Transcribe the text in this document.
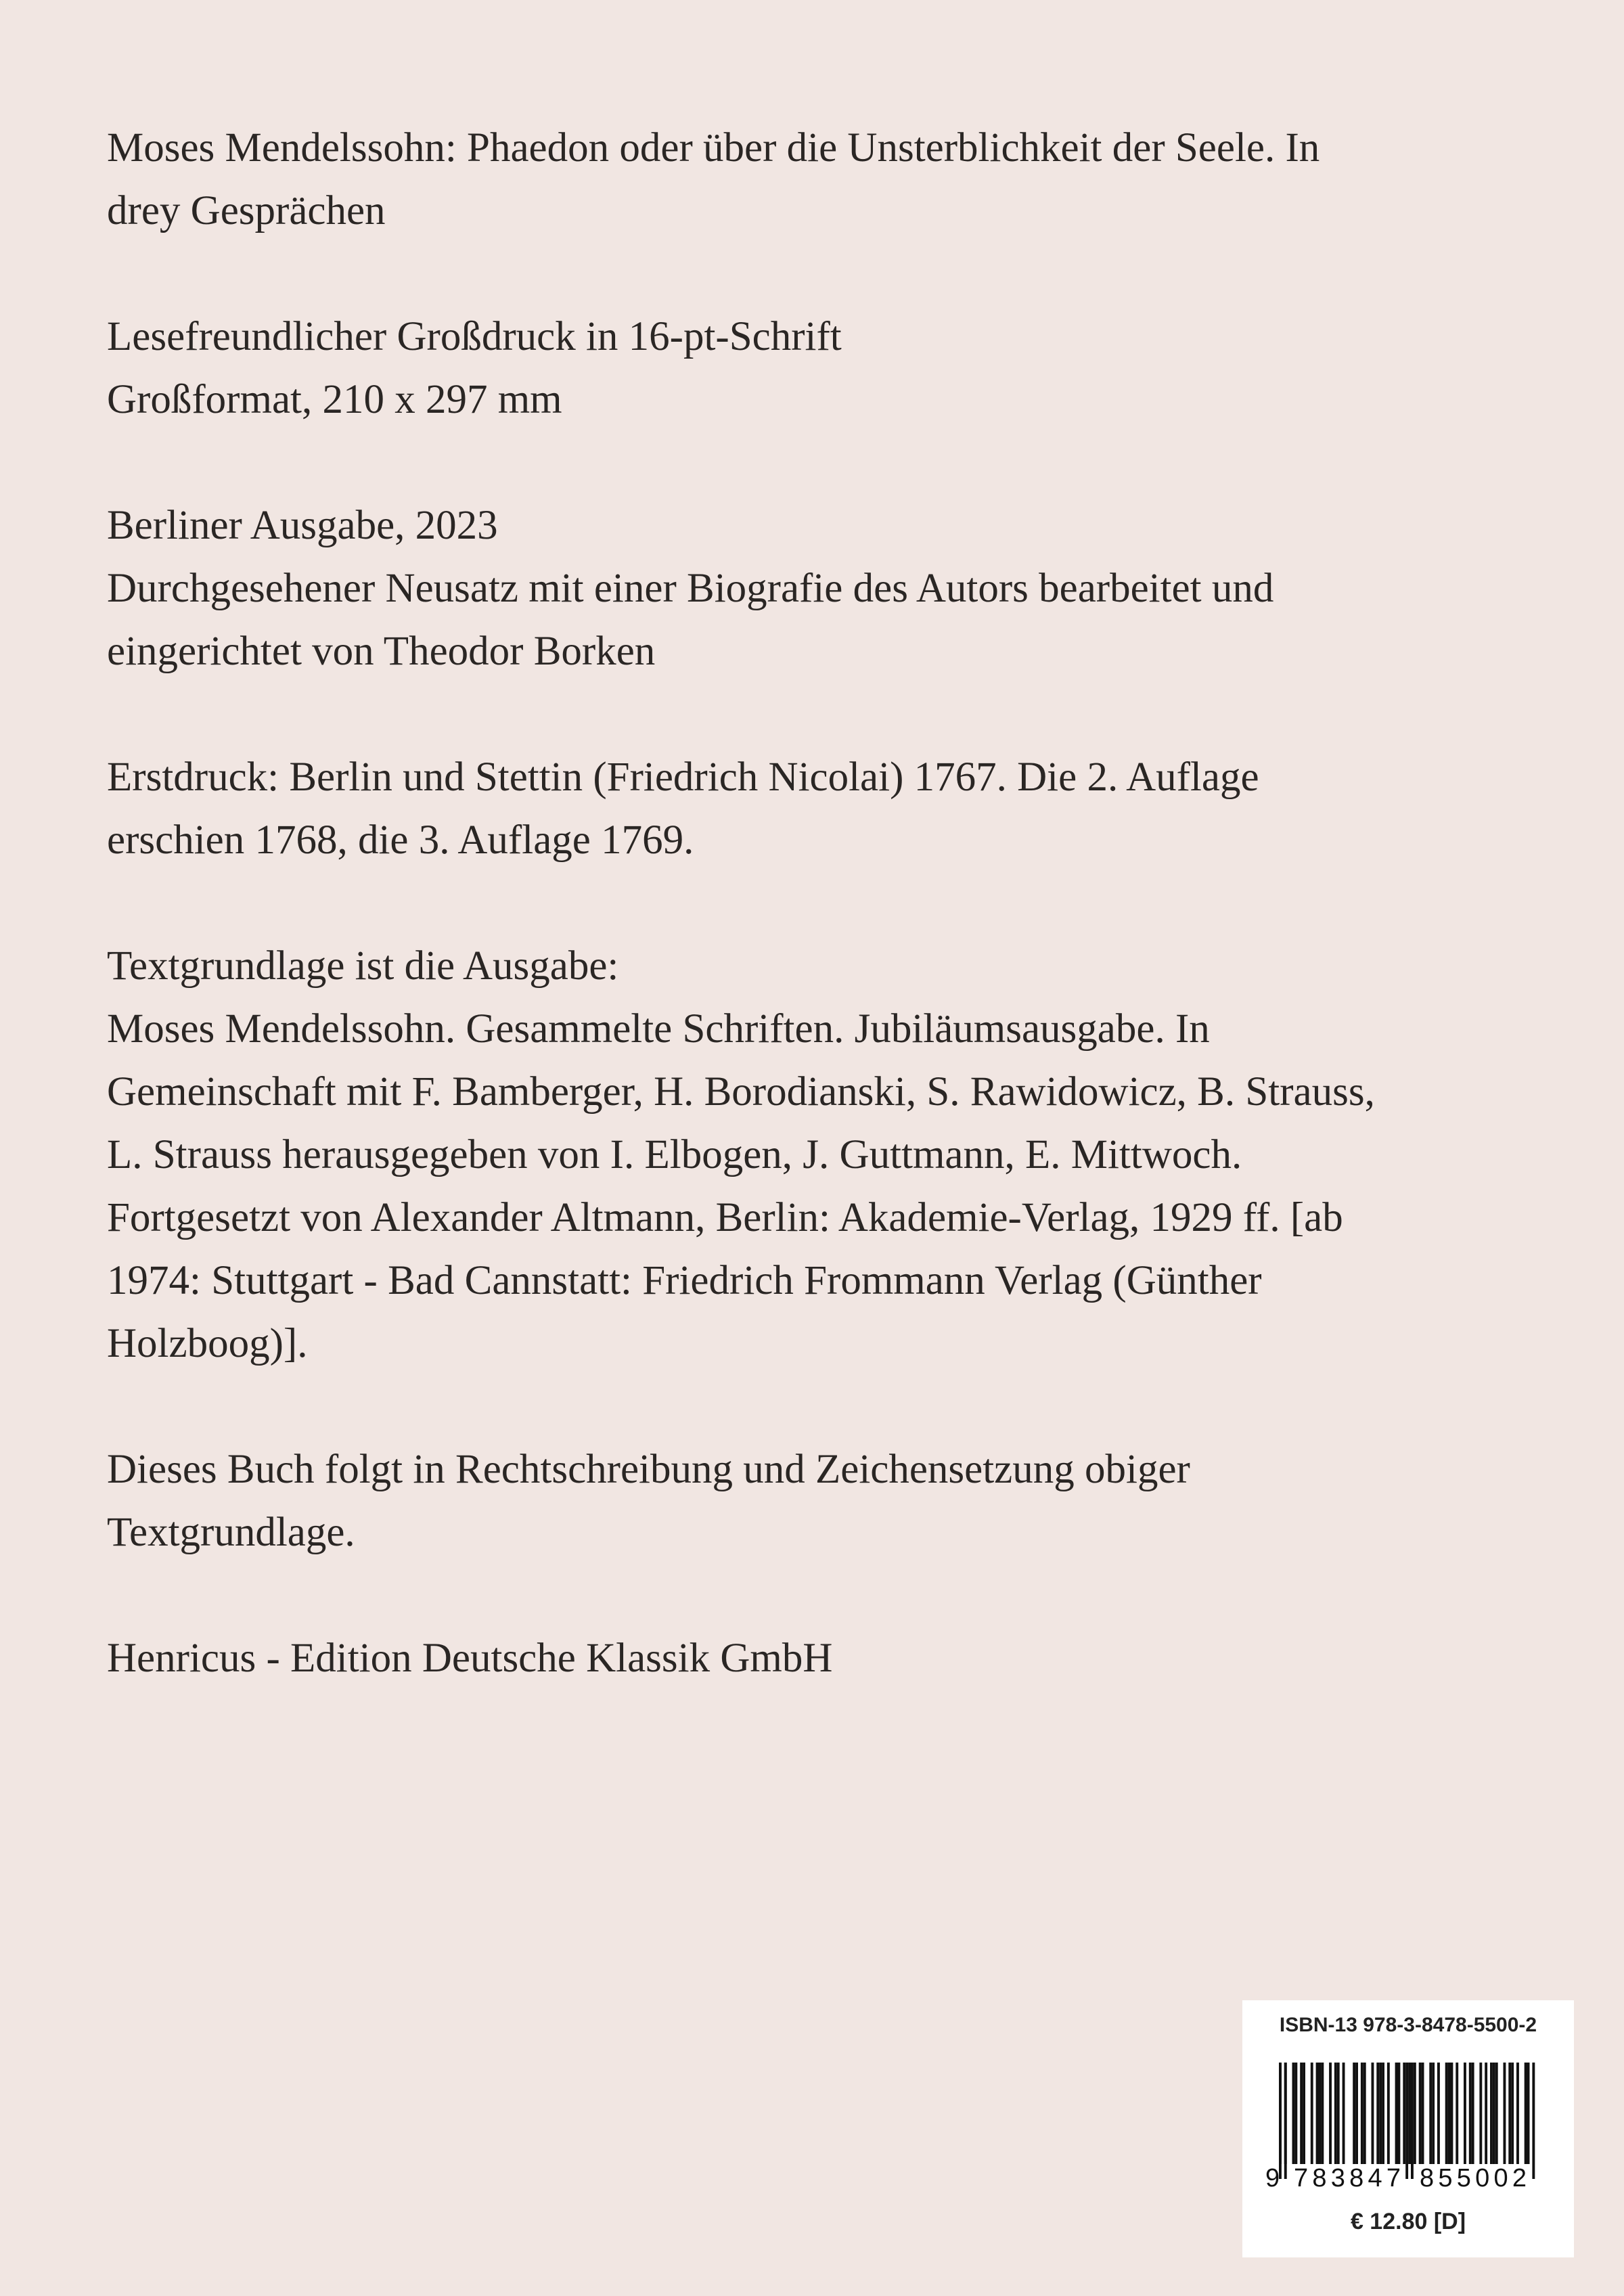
Moses Mendelssohn: Phaedon oder über die Unsterblichkeit der Seele. In
drey Gesprächen
Lesefreundlicher Großdruck in 16-pt-Schrift
Großformat, 210 x 297 mm
Berliner Ausgabe, 2023
Durchgesehener Neusatz mit einer Biografie des Autors bearbeitet und
eingerichtet von Theodor Borken
Erstdruck: Berlin und Stettin (Friedrich Nicolai) 1767. Die 2. Auflage
erschien 1768, die 3. Auflage 1769.
Textgrundlage ist die Ausgabe:
Moses Mendelssohn. Gesammelte Schriften. Jubiläumsausgabe. In
Gemeinschaft mit F. Bamberger, H. Borodianski, S. Rawidowicz, B. Strauss,
L. Strauss herausgegeben von I. Elbogen, J. Guttmann, E. Mittwoch.
Fortgesetzt von Alexander Altmann, Berlin: Akademie-Verlag, 1929 ff. [ab
1974: Stuttgart - Bad Cannstatt: Friedrich Frommann Verlag (Günther
Holzboog)].
Dieses Buch folgt in Rechtschreibung und Zeichensetzung obiger
Textgrundlage.
Henricus - Edition Deutsche Klassik GmbH
ISBN-13 978-3-8478-5500-2
9 783847 855002
€ 12.80 [D]
